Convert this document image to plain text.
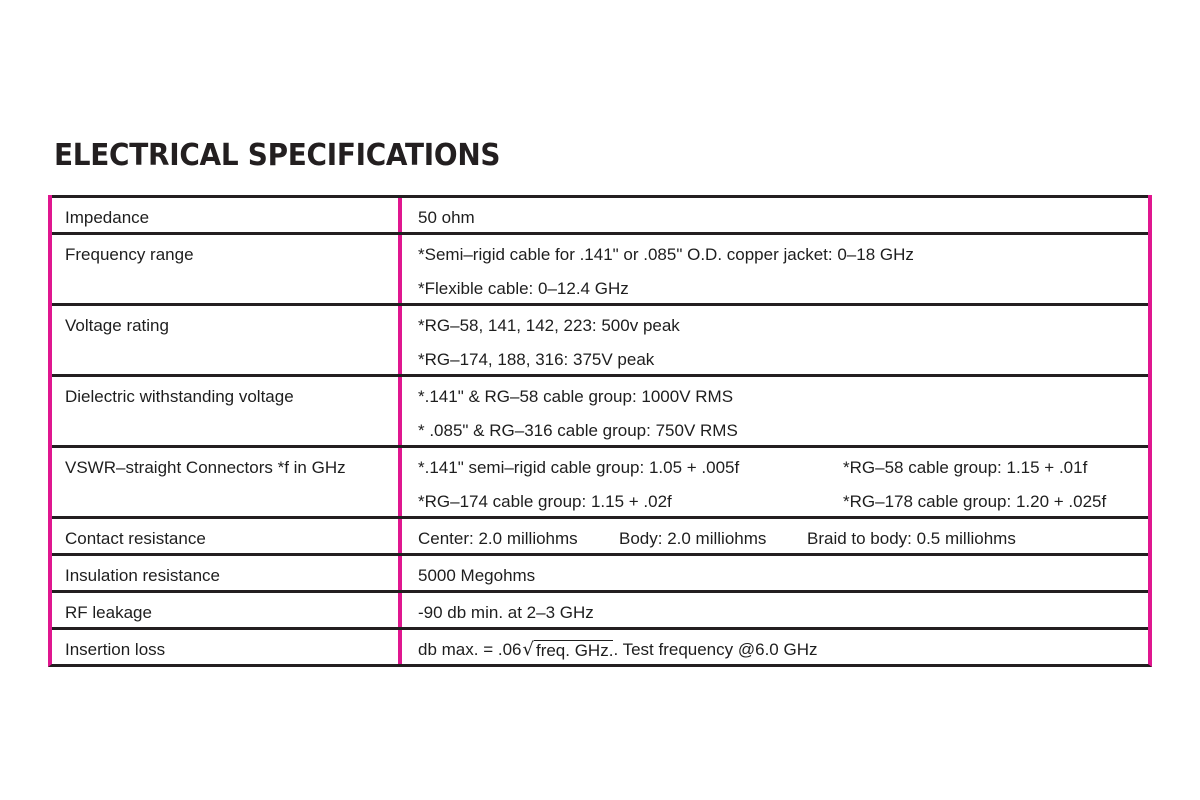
ELECTRICAL SPECIFICATIONS
Impedance	50 ohm
Frequency range	*Semi–rigid cable for .141" or .085" O.D. copper jacket: 0–18 GHz
*Flexible cable: 0–12.4 GHz
Voltage rating	*RG–58, 141, 142, 223: 500v peak
*RG–174, 188, 316: 375V peak
Dielectric withstanding voltage	*.141" & RG–58 cable group: 1000V RMS
* .085" & RG–316 cable group: 750V RMS
VSWR–straight Connectors *f in GHz	*.141" semi–rigid cable group: 1.05 + .005f	*RG–58 cable group: 1.15 + .01f
*RG–174 cable group: 1.15 + .02f	*RG–178 cable group: 1.20 + .025f
Contact resistance	Center: 2.0 milliohms	Body: 2.0 milliohms	Braid to body: 0.5 milliohms
Insulation resistance	5000 Megohms
RF leakage	-90 db min. at 2–3 GHz
Insertion loss	db max. = .06 √ freq. GHz. . Test frequency @6.0 GHz
